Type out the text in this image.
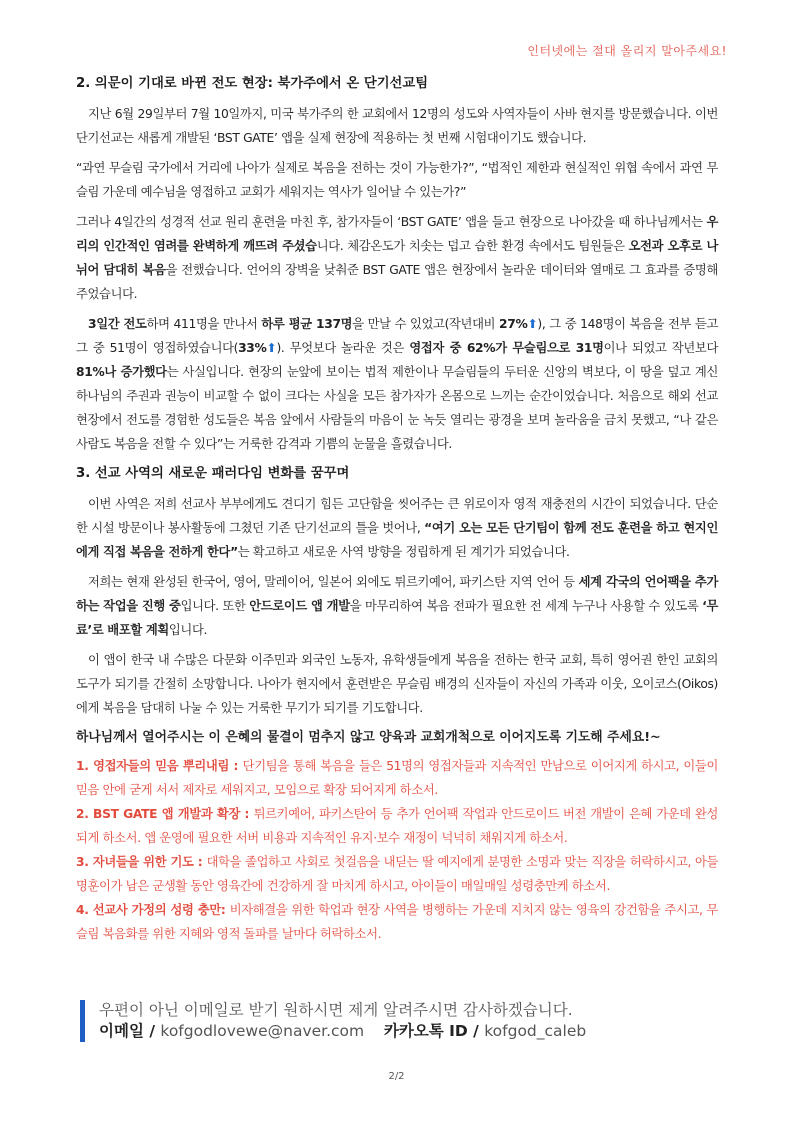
인터넷에는 절대 올리지 말아주세요!
2. 의문이 기대로 바뀐 전도 현장: 북가주에서 온 단기선교팀

지난 6월 29일부터 7월 10일까지, 미국 북가주의 한 교회에서 12명의 성도와 사역자들이 사바 현지를 방문했습니다. 이번 단기선교는 새롭게 개발된 ‘BST GATE’ 앱을 실제 현장에 적용하는 첫 번째 시험대이기도 했습니다.

“과연 무슬림 국가에서 거리에 나아가 실제로 복음을 전하는 것이 가능한가?”, “법적인 제한과 현실적인 위협 속에서 과연 무슬림 가운데 예수님을 영접하고 교회가 세워지는 역사가 일어날 수 있는가?”

그러나 4일간의 성경적 선교 원리 훈련을 마친 후, 참가자들이 ‘BST GATE’ 앱을 들고 현장으로 나아갔을 때 하나님께서는 우리의 인간적인 염려를 완벽하게 깨뜨려 주셨습니다. 체감온도가 치솟는 덥고 습한 환경 속에서도 팀원들은 오전과 오후로 나뉘어 담대히 복음을 전했습니다. 언어의 장벽을 낮춰준 BST GATE 앱은 현장에서 놀라운 데이터와 열매로 그 효과를 증명해 주었습니다.

3일간 전도하며 411명을 만나서 하루 평균 137명을 만날 수 있었고(작년대비 27%⬆), 그 중 148명이 복음을 전부 듣고 그 중 51명이 영접하였습니다(33%⬆). 무엇보다 놀라운 것은 영접자 중 62%가 무슬림으로 31명이나 되었고 작년보다 81%나 증가했다는 사실입니다. 현장의 눈앞에 보이는 법적 제한이나 무슬림들의 두터운 신앙의 벽보다, 이 땅을 덮고 계신 하나님의 주권과 권능이 비교할 수 없이 크다는 사실을 모든 참가자가 온몸으로 느끼는 순간이었습니다. 처음으로 해외 선교 현장에서 전도를 경험한 성도들은 복음 앞에서 사람들의 마음이 눈 녹듯 열리는 광경을 보며 놀라움을 금치 못했고, “나 같은 사람도 복음을 전할 수 있다”는 거룩한 감격과 기쁨의 눈물을 흘렸습니다.

3. 선교 사역의 새로운 패러다임 변화를 꿈꾸며

이번 사역은 저희 선교사 부부에게도 견디기 힘든 고단함을 씻어주는 큰 위로이자 영적 재충전의 시간이 되었습니다. 단순한 시설 방문이나 봉사활동에 그쳤던 기존 단기선교의 틀을 벗어나, “여기 오는 모든 단기팀이 함께 전도 훈련을 하고 현지인에게 직접 복음을 전하게 한다”는 확고하고 새로운 사역 방향을 정립하게 된 계기가 되었습니다.

저희는 현재 완성된 한국어, 영어, 말레이어, 일본어 외에도 튀르키예어, 파키스탄 지역 언어 등 세계 각국의 언어팩을 추가하는 작업을 진행 중입니다. 또한 안드로이드 앱 개발을 마무리하여 복음 전파가 필요한 전 세계 누구나 사용할 수 있도록 ‘무료’로 배포할 계획입니다.

이 앱이 한국 내 수많은 다문화 이주민과 외국인 노동자, 유학생들에게 복음을 전하는 한국 교회, 특히 영어권 한인 교회의 도구가 되기를 간절히 소망합니다. 나아가 현지에서 훈련받은 무슬림 배경의 신자들이 자신의 가족과 이웃, 오이코스(Oikos)에게 복음을 담대히 나눌 수 있는 거룩한 무기가 되기를 기도합니다.

하나님께서 열어주시는 이 은혜의 물결이 멈추지 않고 양육과 교회개척으로 이어지도록 기도해 주세요!~

1. 영접자들의 믿음 뿌리내림 : 단기팀을 통해 복음을 들은 51명의 영접자들과 지속적인 만남으로 이어지게 하시고, 이들이 믿음 안에 굳게 서서 제자로 세워지고, 모임으로 확장 되어지게 하소서.

2. BST GATE 앱 개발과 확장 : 튀르키예어, 파키스탄어 등 추가 언어팩 작업과 안드로이드 버전 개발이 은혜 가운데 완성되게 하소서. 앱 운영에 필요한 서버 비용과 지속적인 유지·보수 재정이 넉넉히 채워지게 하소서.

3. 자녀들을 위한 기도 : 대학을 졸업하고 사회로 첫걸음을 내딛는 딸 예지에게 분명한 소명과 맞는 직장을 허락하시고, 아들 명훈이가 남은 군생활 동안 영육간에 건강하게 잘 마치게 하시고, 아이들이 매일매일 성령충만케 하소서.

4. 선교사 가정의 성령 충만: 비자해결을 위한 학업과 현장 사역을 병행하는 가운데 지치지 않는 영육의 강건함을 주시고, 무슬림 복음화를 위한 지혜와 영적 돌파를 날마다 허락하소서.

우편이 아닌 이메일로 받기 원하시면 제게 알려주시면 감사하겠습니다.
이메일 / kofgodlovewe@naver.com 카카오톡 ID / kofgod_caleb
2/2
